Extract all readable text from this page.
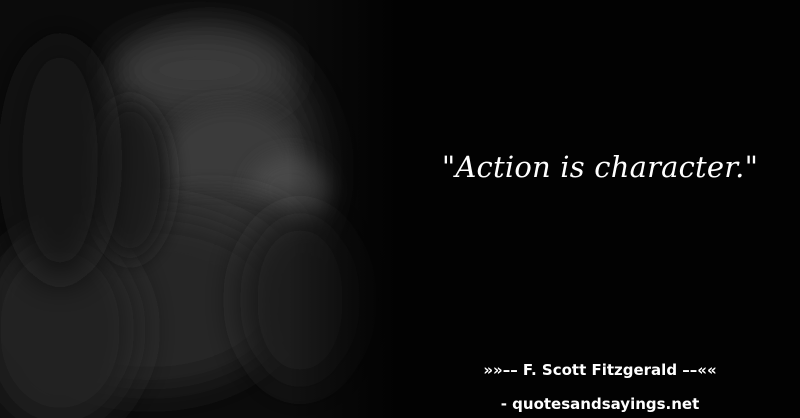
"Action is character."
»»–– F. Scott Fitzgerald ––««
- quotesandsayings.net
